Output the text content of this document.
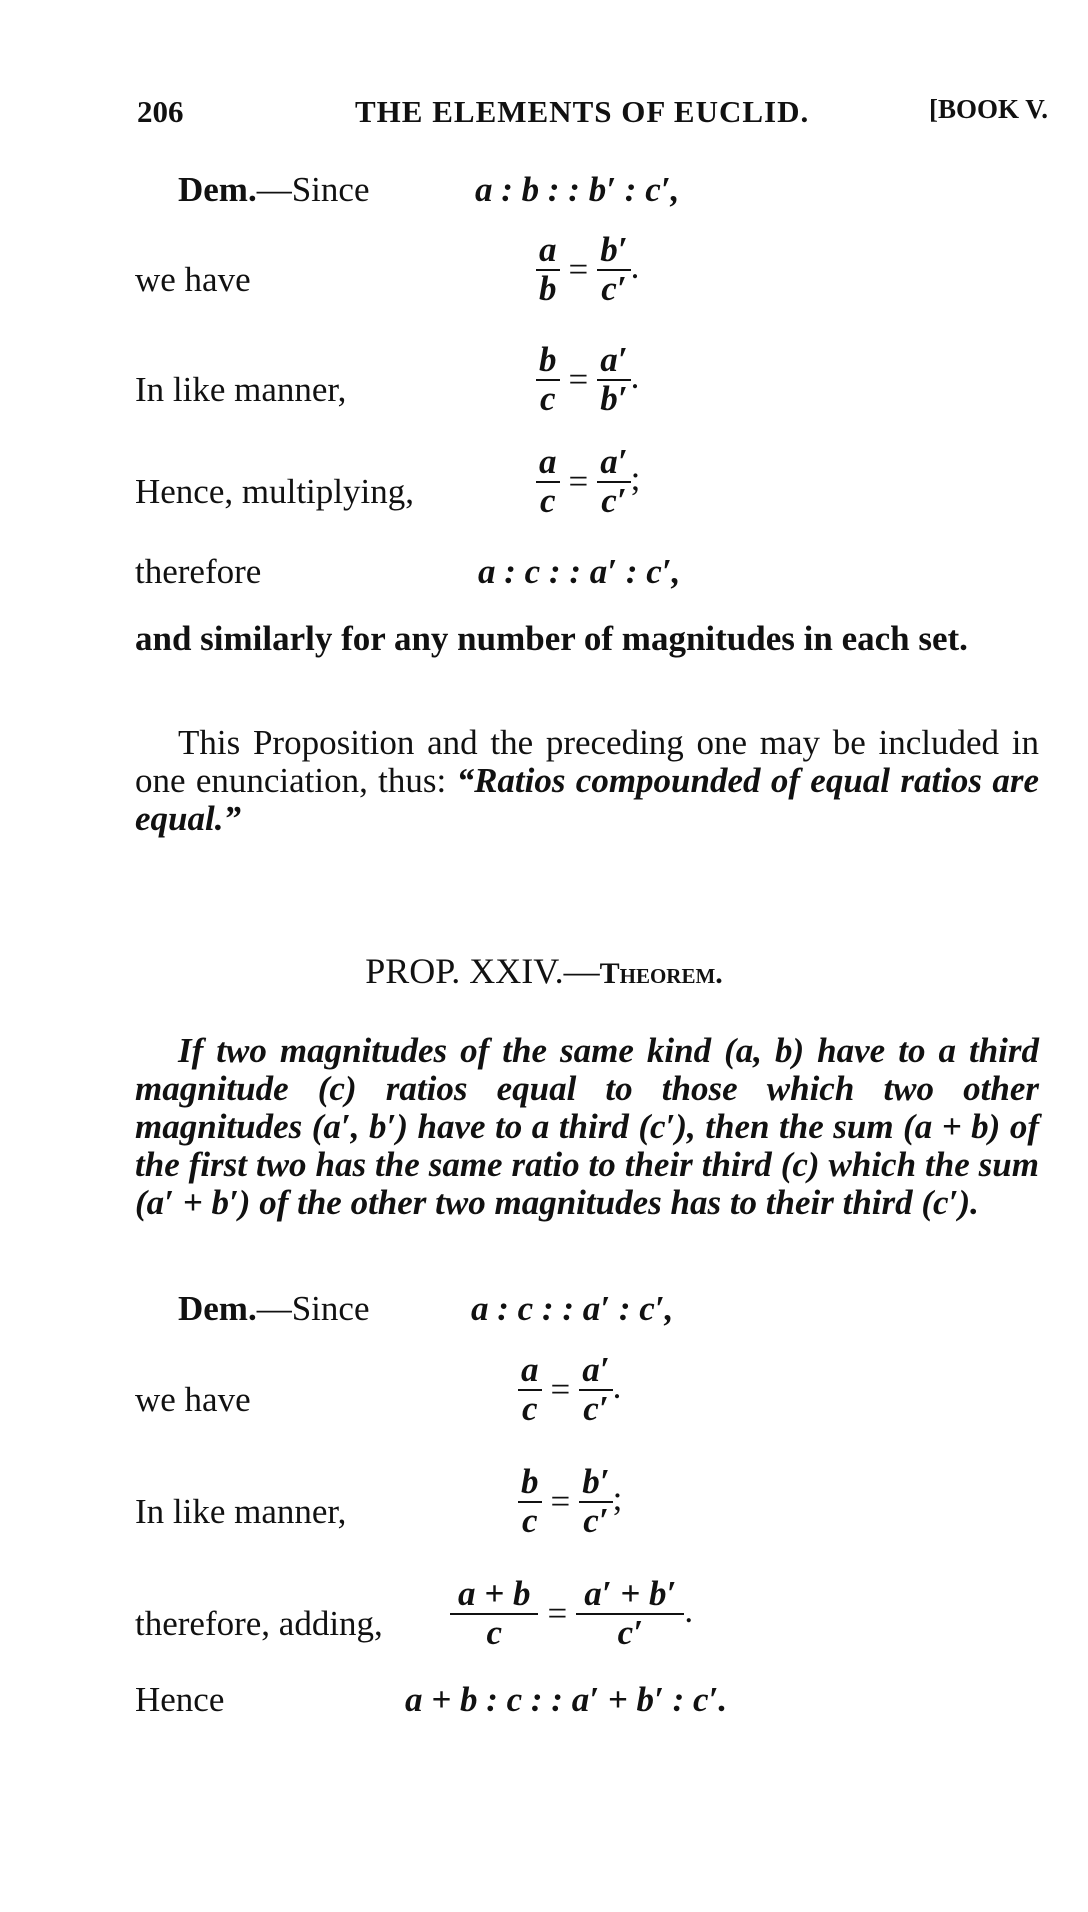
206	THE ELEMENTS OF EUCLID.	[BOOK V.
Dem.—Since	a : b : : b′ : c′,
we have	$\frac{a}{b} = \frac{b'}{c'}$ .
In like manner,	$\frac{b}{c} = \frac{a'}{b'}$ .
Hence, multiplying,	$\frac{a}{c} = \frac{a'}{c'}$ ;
therefore	a : c : : a′ : c′,
and similarly for any number of magnitudes in each set.
This Proposition and the preceding one may be included in one enunciation, thus: “Ratios compounded of equal ratios are equal.”
PROP. XXIV.—Theorem.
If two magnitudes of the same kind (a, b) have to a third magnitude (c) ratios equal to those which two other magnitudes (a′, b′) have to a third (c′), then the sum (a + b) of the first two has the same ratio to their third (c) which the sum (a′ + b′) of the other two magnitudes has to their third (c′).
Dem.—Since	a : c : : a′ : c′,
we have	$\frac{a}{c} = \frac{a'}{c'}$ .
In like manner,	$\frac{b}{c} = \frac{b'}{c'}$ ;
therefore, adding, $\frac{a + b}{c} = \frac{a' + b'}{c'}$ .
Hence	a + b : c : : a′ + b′ : c′.
